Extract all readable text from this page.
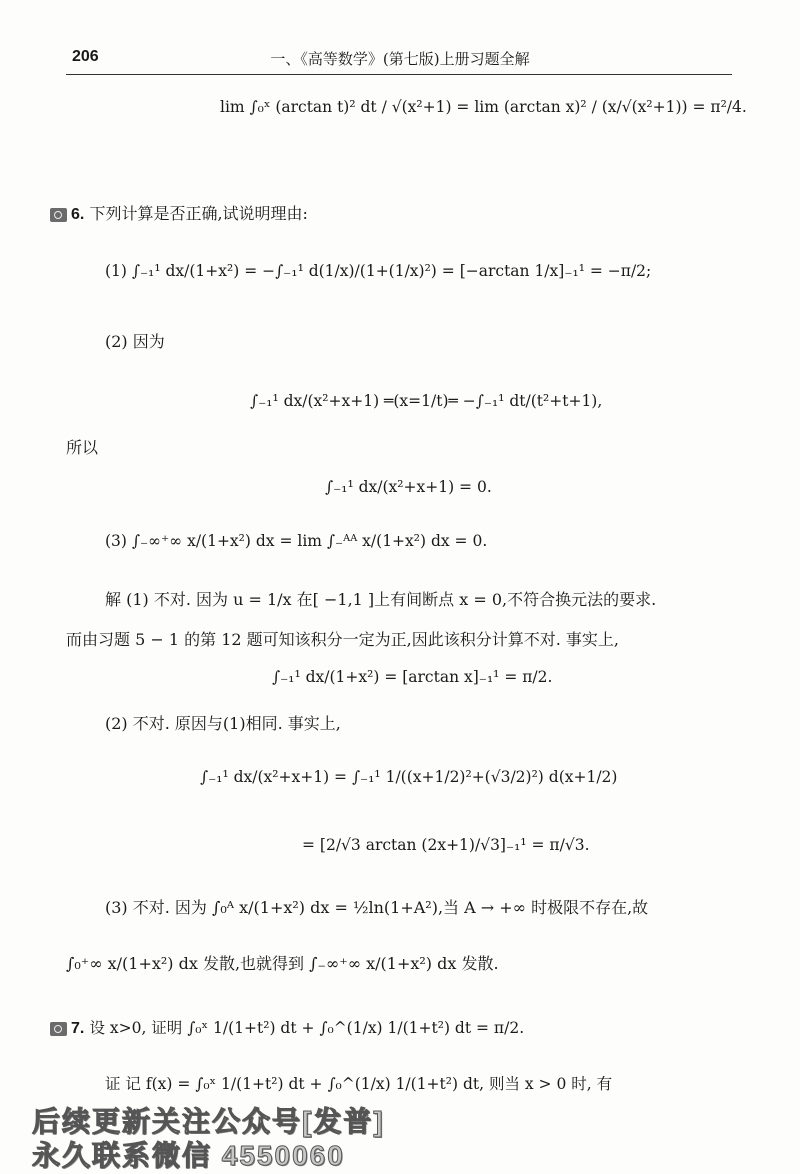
206	一、《高等数学》(第七版)上册习题全解
lim ∫₀ˣ (arctan t)² dt / √(x²+1) = lim (arctan x)² / (x/√(x²+1)) = π²/4.
6. 下列计算是否正确,试说明理由:
(1) ∫₋₁¹ dx/(1+x²) = −∫₋₁¹ d(1/x)/(1+(1/x)²) = [−arctan 1/x]₋₁¹ = −π/2;
(2) 因为
∫₋₁¹ dx/(x²+x+1) ═(x=1/t)═ −∫₋₁¹ dt/(t²+t+1),
所以
∫₋₁¹ dx/(x²+x+1) = 0.
(3) ∫₋∞⁺∞ x/(1+x²) dx = lim ∫₋ᴬᴬ x/(1+x²) dx = 0.
解 (1) 不对. 因为 u = 1/x 在[ −1,1 ]上有间断点 x = 0,不符合换元法的要求.
而由习题 5 − 1 的第 12 题可知该积分一定为正,因此该积分计算不对. 事实上,
∫₋₁¹ dx/(1+x²) = [arctan x]₋₁¹ = π/2.
(2) 不对. 原因与(1)相同. 事实上,
∫₋₁¹ dx/(x²+x+1) = ∫₋₁¹ 1/((x+1/2)²+(√3/2)²) d(x+1/2)
= [2/√3 arctan (2x+1)/√3]₋₁¹ = π/√3.
(3) 不对. 因为 ∫₀ᴬ x/(1+x²) dx = ½ln(1+A²),当 A → +∞ 时极限不存在,故
∫₀⁺∞ x/(1+x²) dx 发散,也就得到 ∫₋∞⁺∞ x/(1+x²) dx 发散.
7. 设 x>0, 证明 ∫₀ˣ 1/(1+t²) dt + ∫₀^(1/x) 1/(1+t²) dt = π/2.
证 记 f(x) = ∫₀ˣ 1/(1+t²) dt + ∫₀^(1/x) 1/(1+t²) dt, 则当 x > 0 时, 有
后续更新关注公众号[发普]
永久联系微信 4550060
